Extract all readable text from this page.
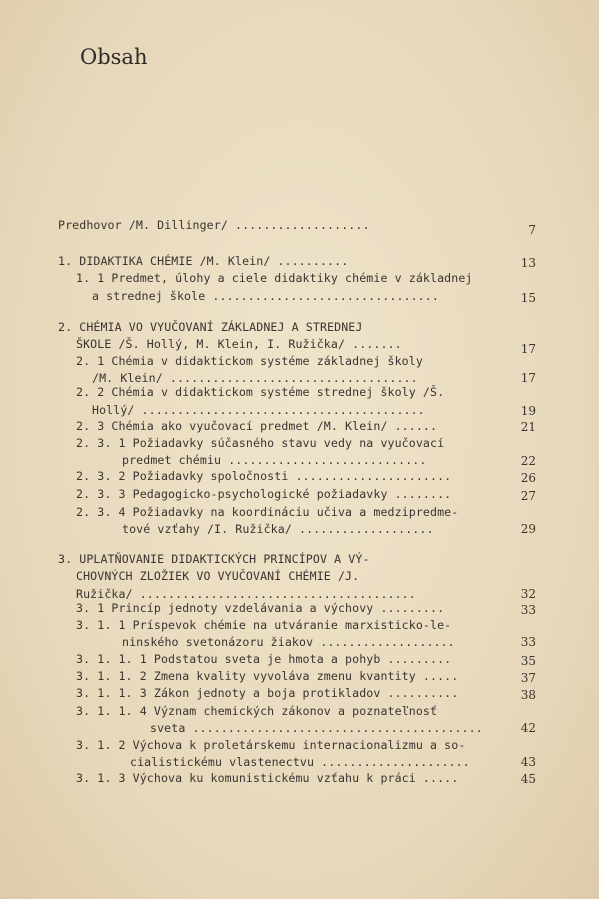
Obsah
Predhovor /M. Dillinger/ ...................	7
1. DIDAKTIKA CHÉMIE /M. Klein/ ..........	13
1. 1 Predmet, úlohy a ciele didaktiky chémie v základnej
a strednej škole ................................	15
2. CHÉMIA VO VYUČOVANÍ ZÁKLADNEJ A STREDNEJ
ŠKOLE /Š. Hollý, M. Klein, I. Ružička/ .......	17
2. 1 Chémia v didaktickom systéme základnej školy
/M. Klein/ ...................................	17
2. 2 Chémia v didaktickom systéme strednej školy /Š.
Hollý/ ........................................	19
2. 3 Chémia ako vyučovací predmet /M. Klein/ ......	21
2. 3. 1 Požiadavky súčasného stavu vedy na vyučovací
predmet chémiu ............................	22
2. 3. 2 Požiadavky spoločnosti ......................	26
2. 3. 3 Pedagogicko-psychologické požiadavky ........	27
2. 3. 4 Požiadavky na koordináciu učiva a medzipredme-
tové vzťahy /I. Ružička/ ...................	29
3. UPLATŇOVANIE DIDAKTICKÝCH PRINCÍPOV A VÝ-
CHOVNÝCH ZLOŽIEK VO VYUČOVANÍ CHÉMIE /J.
Ružička/ .......................................	32
3. 1 Princíp jednoty vzdelávania a výchovy .........	33
3. 1. 1 Príspevok chémie na utváranie marxisticko-le-
ninského svetonázoru žiakov ...................	33
3. 1. 1. 1 Podstatou sveta je hmota a pohyb .........	35
3. 1. 1. 2 Zmena kvality vyvoláva zmenu kvantity .....	37
3. 1. 1. 3 Zákon jednoty a boja protikladov ..........	38
3. 1. 1. 4 Význam chemických zákonov a poznateľnosť
sveta .........................................	42
3. 1. 2 Výchova k proletárskemu internacionalizmu a so-
cialistickému vlastenectvu .....................	43
3. 1. 3 Výchova ku komunistickému vzťahu k práci .....	45
